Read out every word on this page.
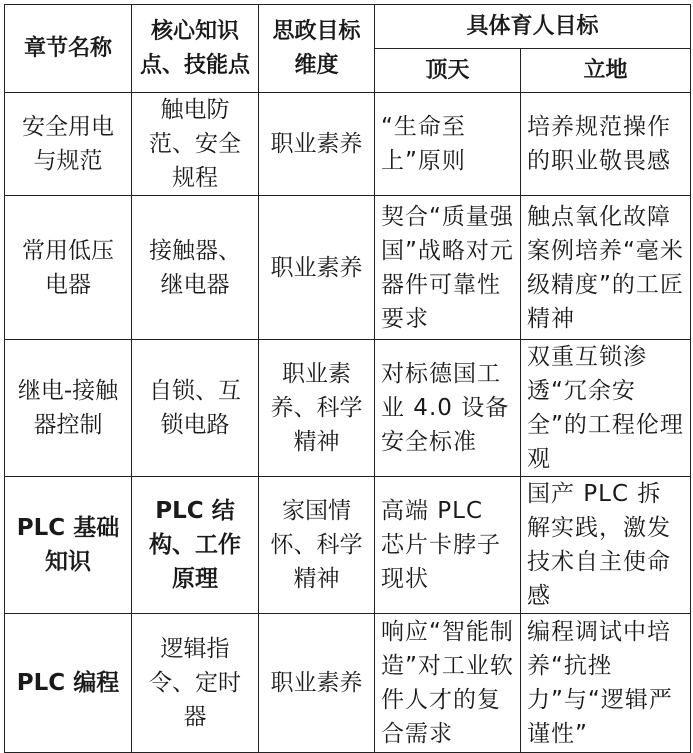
章节名称	核心知识点、技能点	思政目标维度	具体育人目标	
			顶天	立地
安全用电与规范	触电防范、安全规程	职业素养	“生命至上”原则	培养规范操作的职业敬畏感
常用低压电器	接触器、继电器	职业素养	契合“质量强国”战略对元器件可靠性要求	触点氧化故障案例培养“毫米级精度”的工匠精神
继电-接触器控制	自锁、互锁电路	职业素养、科学精神	对标德国工业 4.0 设备安全标准	双重互锁渗透“冗余安全”的工程伦理观
PLC 基础知识	PLC 结构、工作原理	家国情怀、科学精神	高端 PLC 芯片卡脖子现状	国产 PLC 拆解实践，激发技术自主使命感
PLC 编程	逻辑指令、定时器	职业素养	响应“智能制造”对工业软件人才的复合需求	编程调试中培养“抗挫力”与“逻辑严谨性”
